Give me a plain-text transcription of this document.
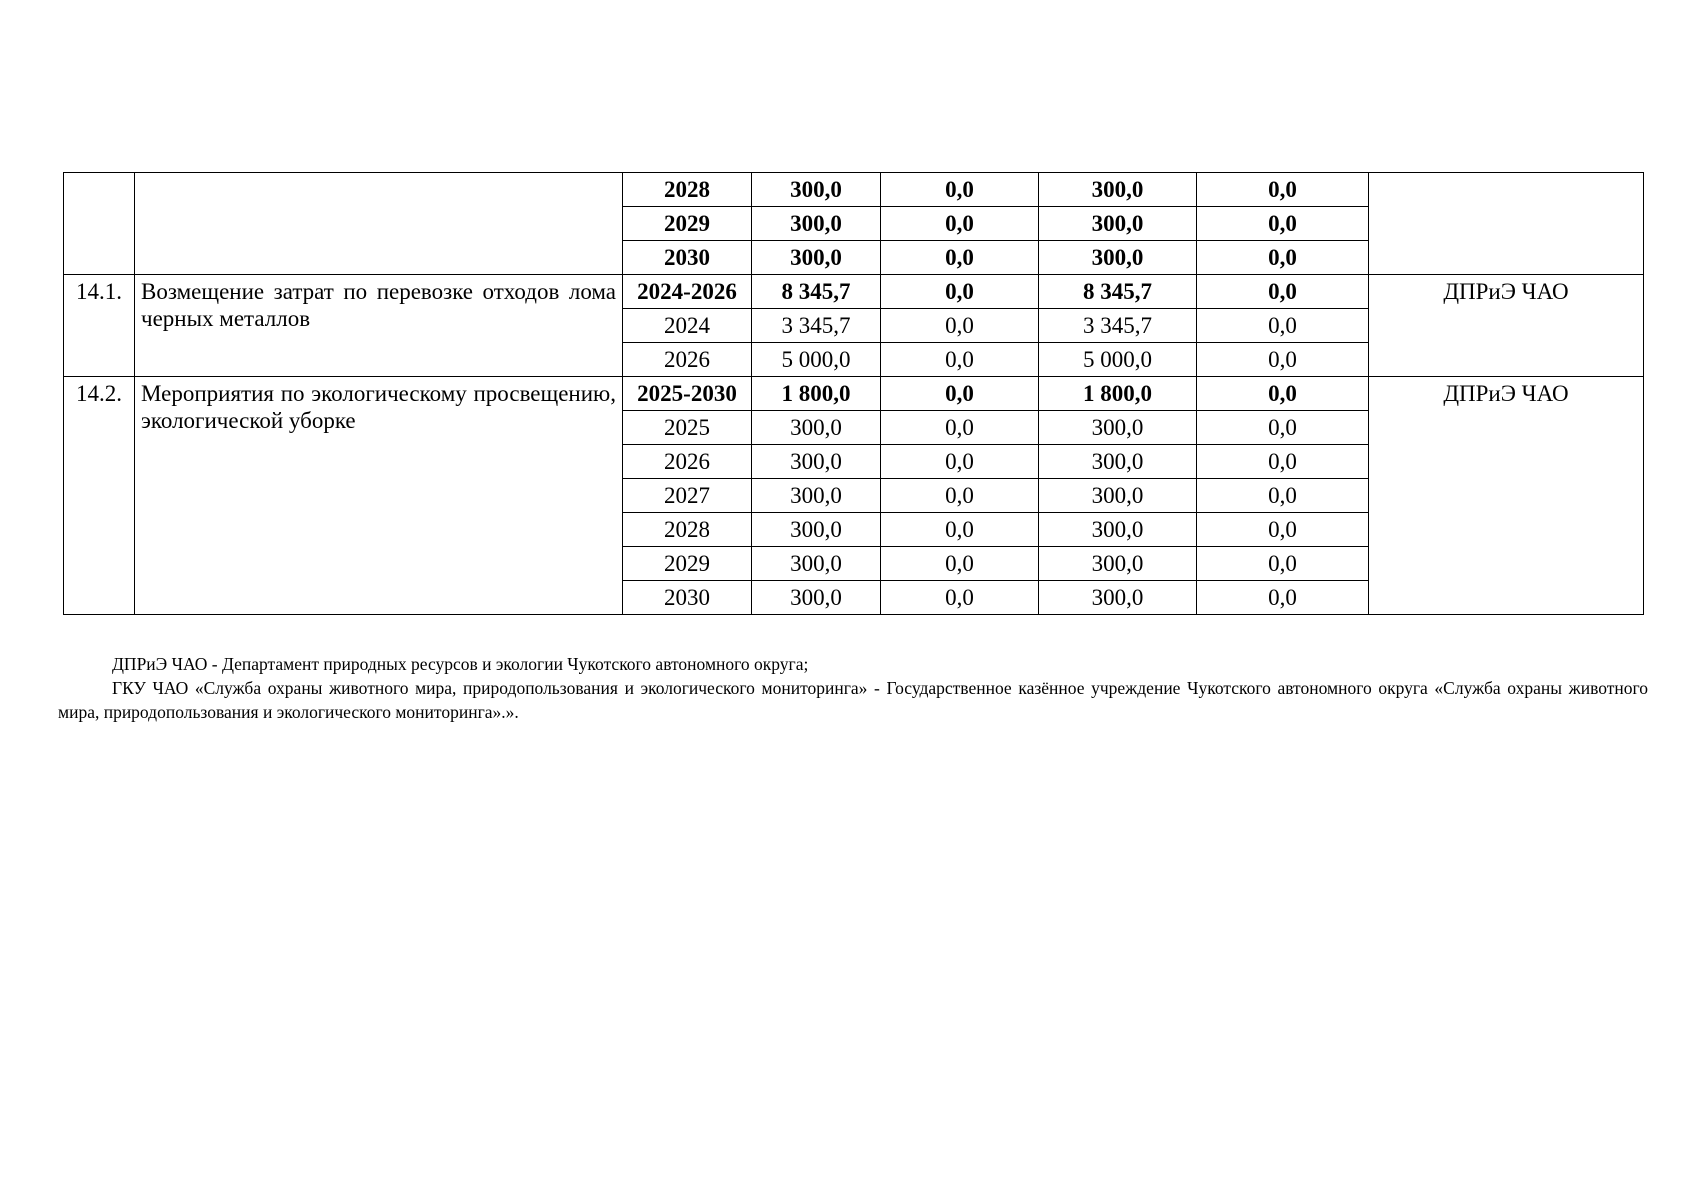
		2028	300,0	0,0	300,0	0,0	
		2029	300,0	0,0	300,0	0,0	
		2030	300,0	0,0	300,0	0,0	
14.1.	Возмещение затрат по перевозке отходов лома черных металлов	2024-2026	8 345,7	0,0	8 345,7	0,0	ДПРиЭ ЧАО
		2024	3 345,7	0,0	3 345,7	0,0	
		2026	5 000,0	0,0	5 000,0	0,0	
14.2.	Мероприятия по экологическому просвещению, экологической уборке	2025-2030	1 800,0	0,0	1 800,0	0,0	ДПРиЭ ЧАО
		2025	300,0	0,0	300,0	0,0	
		2026	300,0	0,0	300,0	0,0	
		2027	300,0	0,0	300,0	0,0	
		2028	300,0	0,0	300,0	0,0	
		2029	300,0	0,0	300,0	0,0	
		2030	300,0	0,0	300,0	0,0	

ДПРиЭ ЧАО - Департамент природных ресурсов и экологии Чукотского автономного округа;

ГКУ ЧАО «Служба охраны животного мира, природопользования и экологического мониторинга» - Государственное казённое учреждение Чукотского автономного округа «Служба охраны животного мира, природопользования и экологического мониторинга».».
